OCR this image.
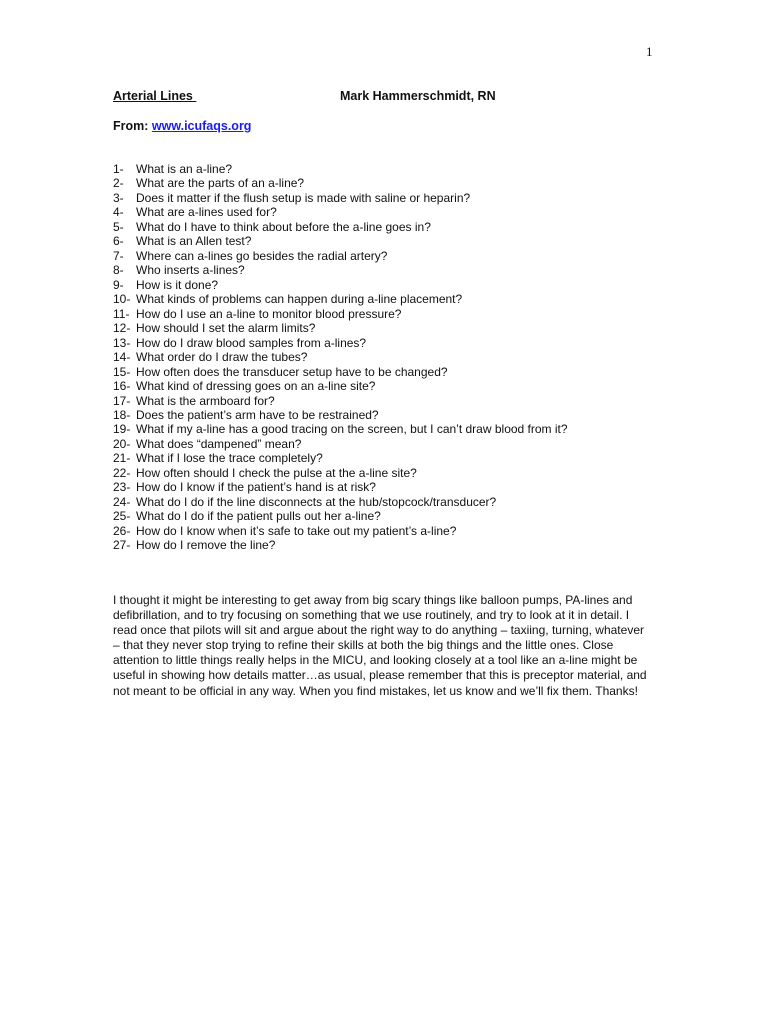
1
Arterial Lines	Mark Hammerschmidt, RN
From: www.icufaqs.org
1- What is an a-line?
2- What are the parts of an a-line?
3- Does it matter if the flush setup is made with saline or heparin?
4- What are a-lines used for?
5- What do I have to think about before the a-line goes in?
6- What is an Allen test?
7- Where can a-lines go besides the radial artery?
8- Who inserts a-lines?
9- How is it done?
10- What kinds of problems can happen during a-line placement?
11- How do I use an a-line to monitor blood pressure?
12- How should I set the alarm limits?
13- How do I draw blood samples from a-lines?
14- What order do I draw the tubes?
15- How often does the transducer setup have to be changed?
16- What kind of dressing goes on an a-line site?
17- What is the armboard for?
18- Does the patient’s arm have to be restrained?
19- What if my a-line has a good tracing on the screen, but I can’t draw blood from it?
20- What does “dampened” mean?
21- What if I lose the trace completely?
22- How often should I check the pulse at the a-line site?
23- How do I know if the patient’s hand is at risk?
24- What do I do if the line disconnects at the hub/stopcock/transducer?
25- What do I do if the patient pulls out her a-line?
26- How do I know when it’s safe to take out my patient’s a-line?
27- How do I remove the line?

I thought it might be interesting to get away from big scary things like balloon pumps, PA-lines and defibrillation, and to try focusing on something that we use routinely, and try to look at it in detail. I read once that pilots will sit and argue about the right way to do anything – taxiing, turning, whatever – that they never stop trying to refine their skills at both the big things and the little ones. Close attention to little things really helps in the MICU, and looking closely at a tool like an a-line might be useful in showing how details matter…as usual, please remember that this is preceptor material, and not meant to be official in any way. When you find mistakes, let us know and we’ll fix them. Thanks!
